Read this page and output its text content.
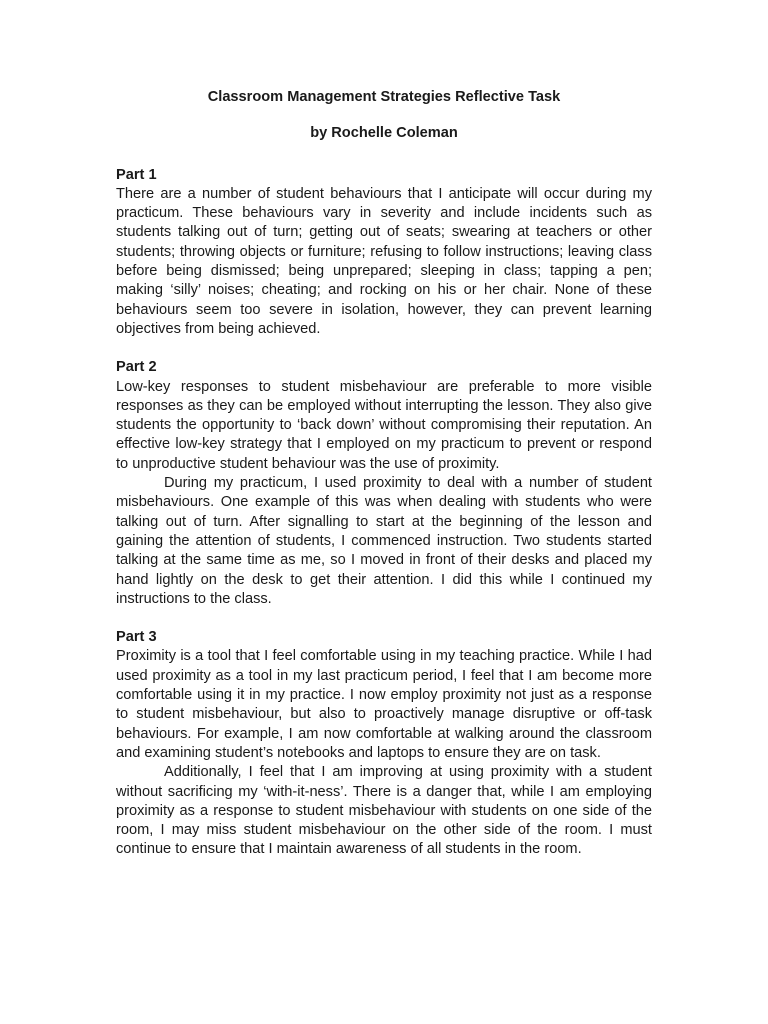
Classroom Management Strategies Reflective Task
by Rochelle Coleman
Part 1

There are a number of student behaviours that I anticipate will occur during my practicum. These behaviours vary in severity and include incidents such as students talking out of turn; getting out of seats; swearing at teachers or other students; throwing objects or furniture; refusing to follow instructions; leaving class before being dismissed; being unprepared; sleeping in class; tapping a pen; making ‘silly’ noises; cheating; and rocking on his or her chair. None of these behaviours seem too severe in isolation, however, they can prevent learning objectives from being achieved.

Part 2

Low-key responses to student misbehaviour are preferable to more visible responses as they can be employed without interrupting the lesson. They also give students the opportunity to ‘back down’ without compromising their reputation. An effective low-key strategy that I employed on my practicum to prevent or respond to unproductive student behaviour was the use of proximity.

During my practicum, I used proximity to deal with a number of student misbehaviours. One example of this was when dealing with students who were talking out of turn. After signalling to start at the beginning of the lesson and gaining the attention of students, I commenced instruction. Two students started talking at the same time as me, so I moved in front of their desks and placed my hand lightly on the desk to get their attention. I did this while I continued my instructions to the class.

Part 3

Proximity is a tool that I feel comfortable using in my teaching practice. While I had used proximity as a tool in my last practicum period, I feel that I am become more comfortable using it in my practice. I now employ proximity not just as a response to student misbehaviour, but also to proactively manage disruptive or off-task behaviours. For example, I am now comfortable at walking around the classroom and examining student’s notebooks and laptops to ensure they are on task.

Additionally, I feel that I am improving at using proximity with a student without sacrificing my ‘with-it-ness’. There is a danger that, while I am employing proximity as a response to student misbehaviour with students on one side of the room, I may miss student misbehaviour on the other side of the room. I must continue to ensure that I maintain awareness of all students in the room.
